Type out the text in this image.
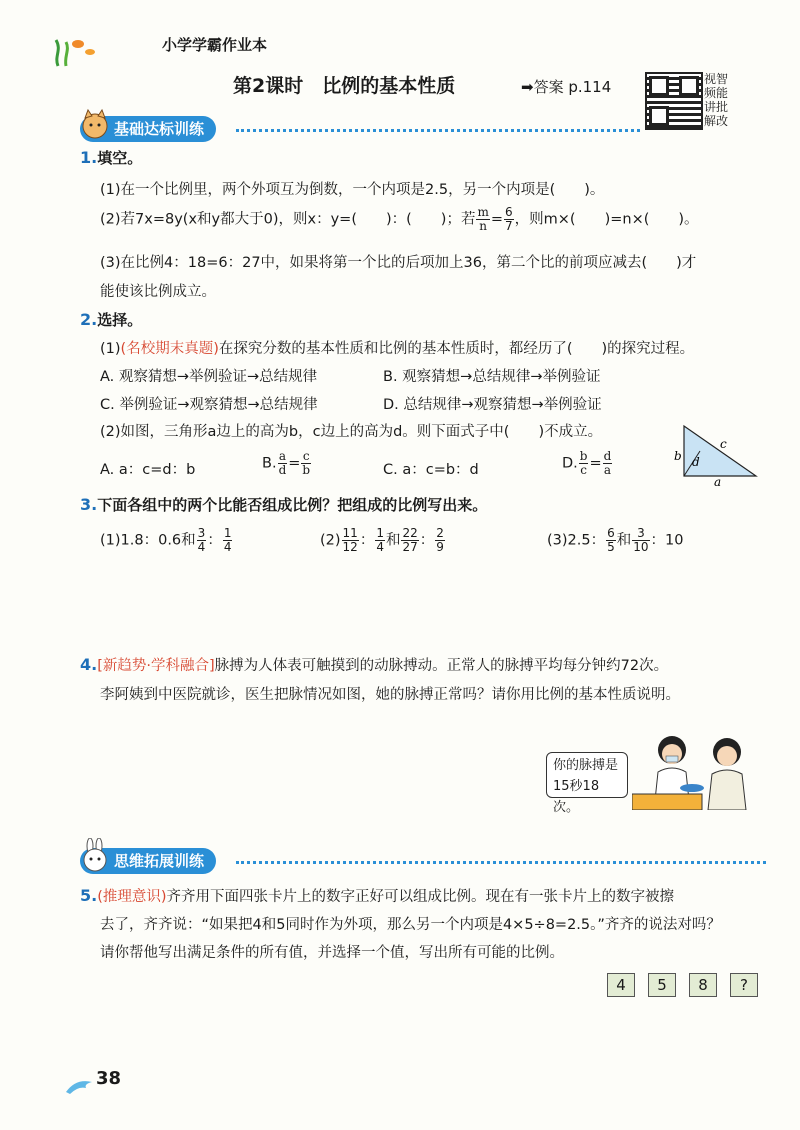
小学学霸作业本
第2课时　比例的基本性质	➡答案 p.114	视智
频能
讲批
解改
基础达标训练
1.填空。
(1)在一个比例里，两个外项互为倒数，一个内项是2.5，另一个内项是(　　)。
(2)若7x=8y(x和y都大于0)，则x：y=(　　)：(　　)；若 $\frac{m}{n} = \frac{6}{7}$ ，则m×(　　)=n×(　　)。
(3)在比例4：18=6：27中，如果将第一个比的后项加上36，第二个比的前项应减去(　　)才
能使该比例成立。
2.选择。
(1)(名校期末真题)在探究分数的基本性质和比例的基本性质时，都经历了(　　)的探究过程。
A. 观察猜想→举例验证→总结规律	B. 观察猜想→总结规律→举例验证
C. 举例验证→观察猜想→总结规律	D. 总结规律→观察猜想→举例验证
(2)如图，三角形a边上的高为b，c边上的高为d。则下面式子中(　　)不成立。
A. a：c=d：b	B. $\frac{a}{d} = \frac{c}{b}$	C. a：c=b：d	D. $\frac{b}{c} = \frac{d}{a}$
c
b d
a
3.下面各组中的两个比能否组成比例？把组成的比例写出来。
(1)1.8：0.6和 $\frac{3}{4}$ ： $\frac{1}{4}$	$(2) \frac{11}{12}$ ： $\frac{1}{4}$ 和 $\frac{22}{27}$ ： $\frac{2}{9}$	(3)2.5： $\frac{6}{5}$ 和 $\frac{3}{10}$ ：10
4.[新趋势·学科融合]脉搏为人体表可触摸到的动脉搏动。正常人的脉搏平均每分钟约72次。
李阿姨到中医院就诊，医生把脉情况如图，她的脉搏正常吗？请你用比例的基本性质说明。
你的脉搏是
15秒18次。
思维拓展训练
5.(推理意识)齐齐用下面四张卡片上的数字正好可以组成比例。现在有一张卡片上的数字被擦
去了，齐齐说：“如果把4和5同时作为外项，那么另一个内项是4×5÷8=2.5。”齐齐的说法对吗？
请你帮他写出满足条件的所有值，并选择一个值，写出所有可能的比例。
4	5	8	?
38
